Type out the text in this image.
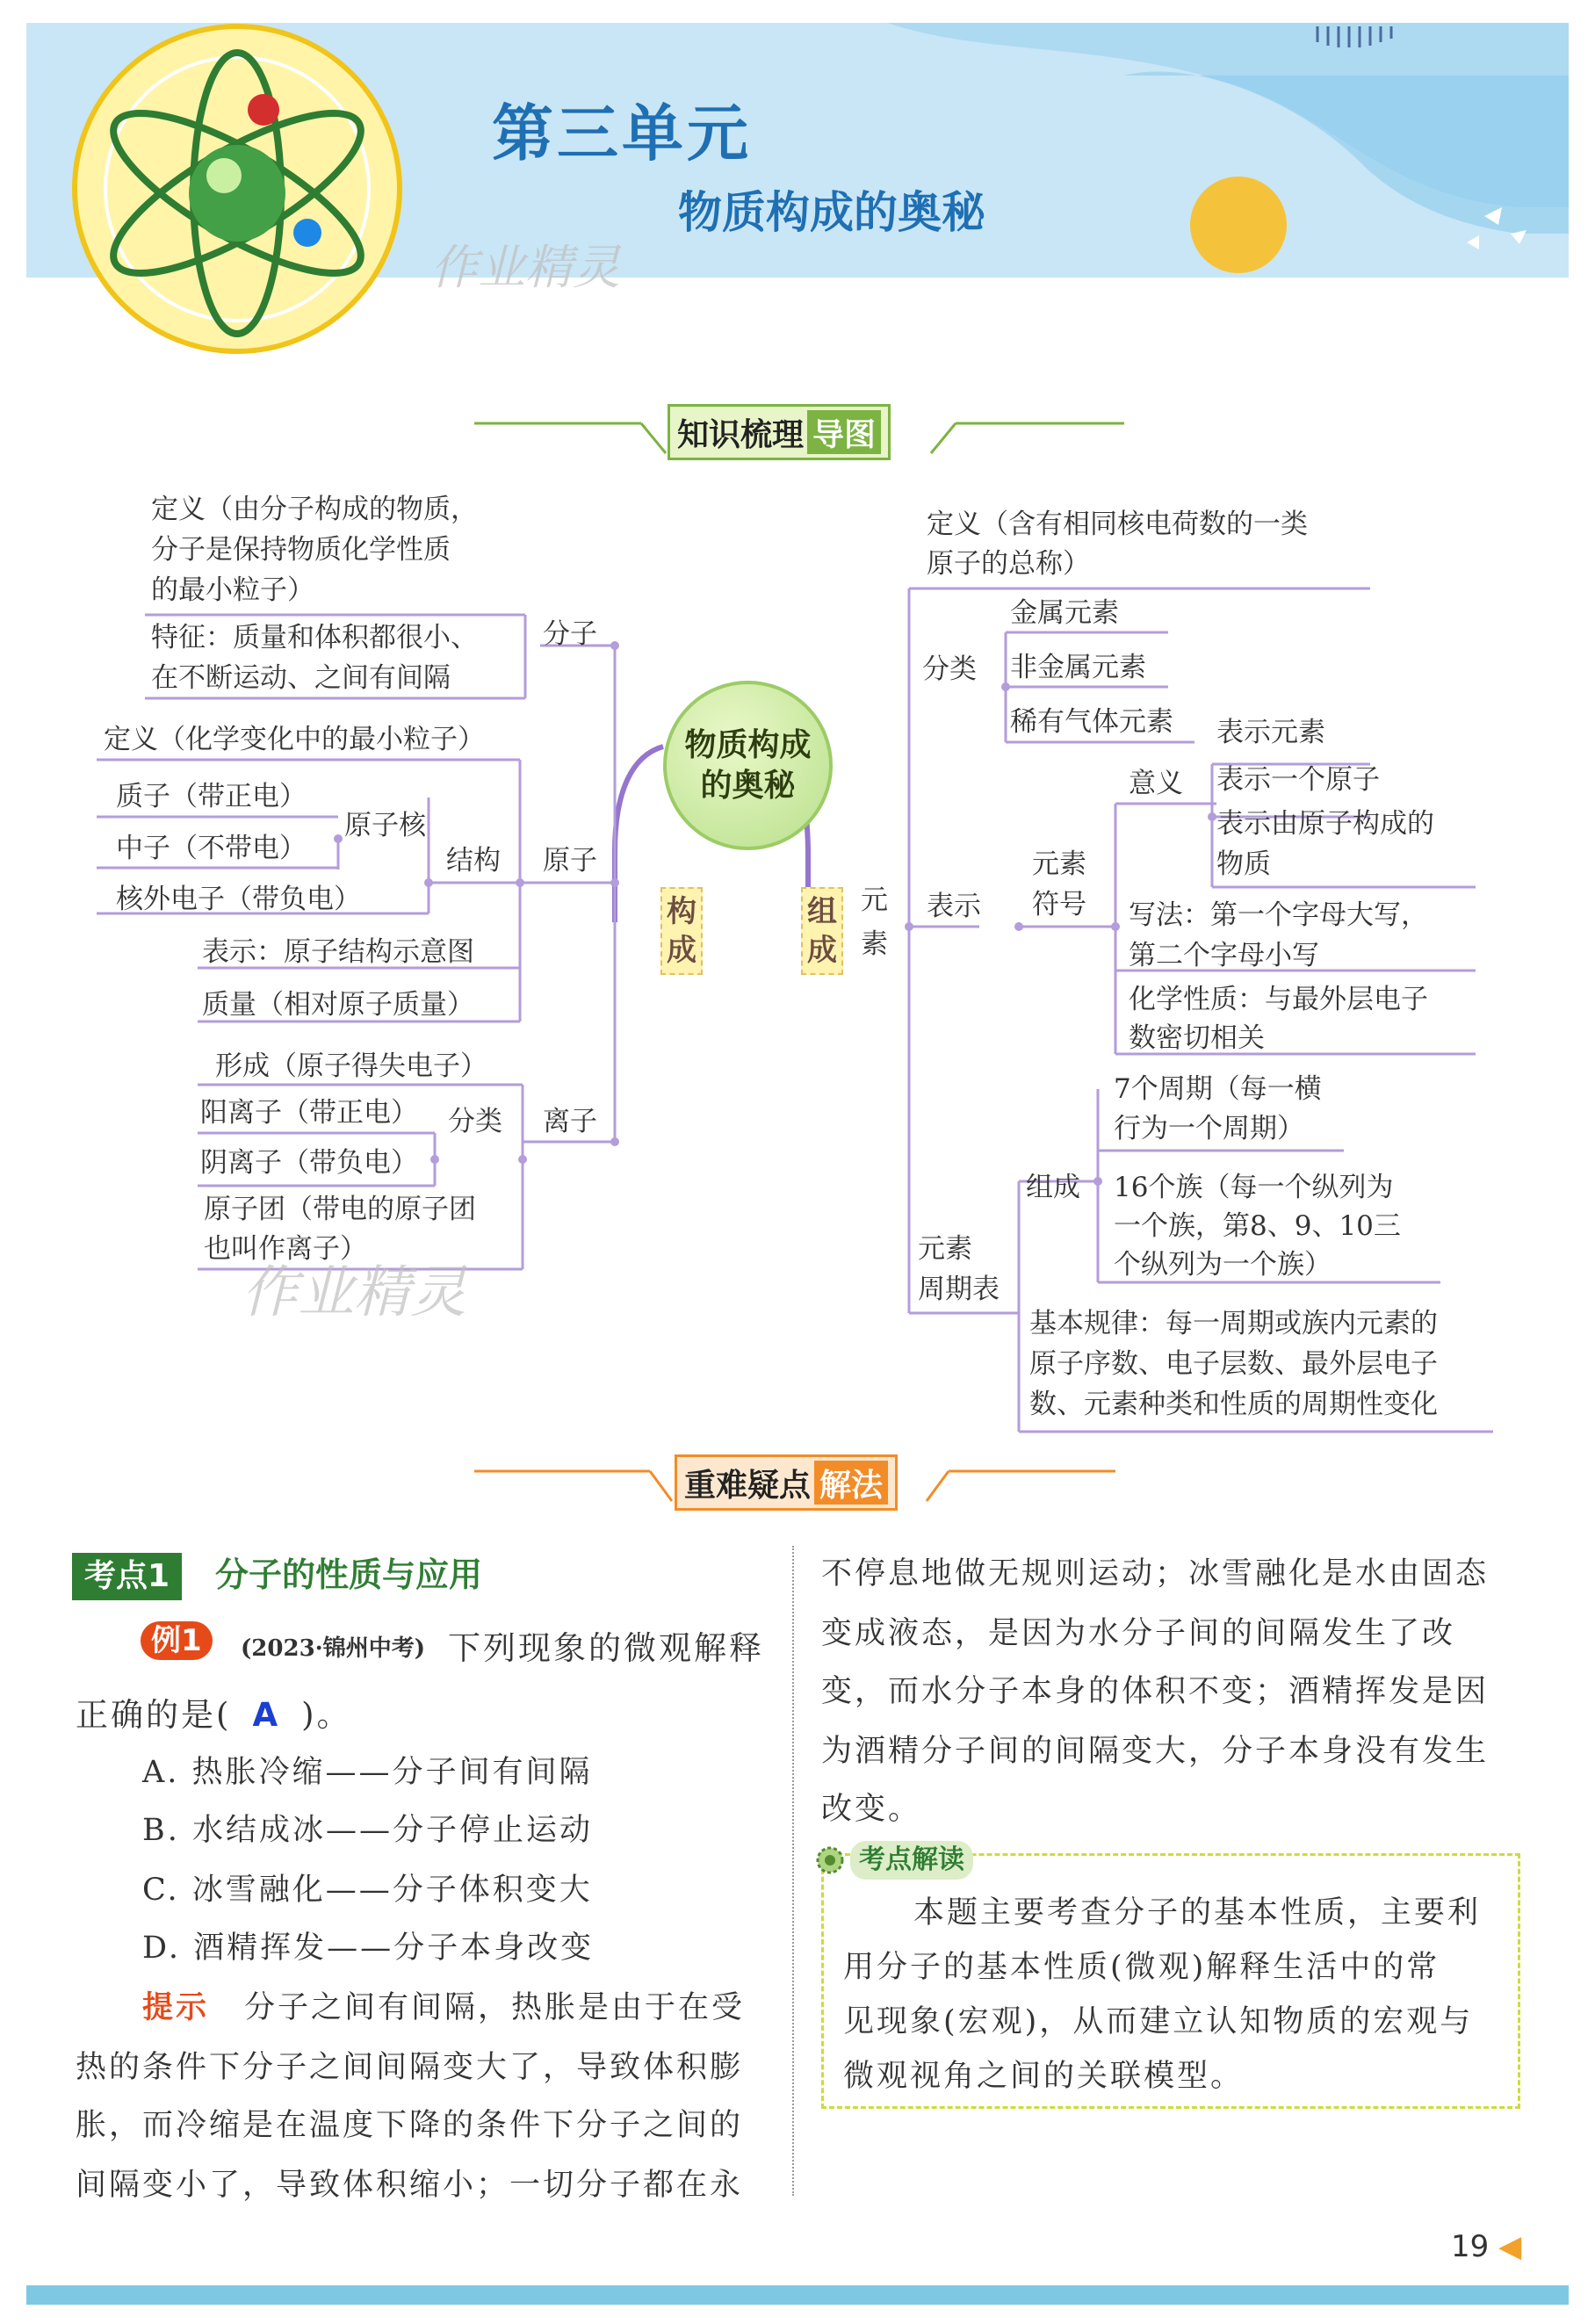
第三单元
物质构成的奥秘
作业精灵
知识梳理 导图
物质构成的奥秘
构成
组成
元素
分子
定义（由分子构成的物质，
分子是保持物质化学性质
的最小粒子）
特征：质量和体积都很小、
在不断运动、之间有间隔
原子
定义（化学变化中的最小粒子）
结构
原子核
质子（带正电）
中子（不带电）
核外电子（带负电）
表示：原子结构示意图
质量（相对原子质量）
离子
形成（原子得失电子）
分类
阳离子（带正电）
阴离子（带负电）
原子团（带电的原子团
也叫作离子）
作业精灵
定义（含有相同核电荷数的一类
原子的总称）
分类
金属元素
非金属元素
稀有气体元素
表示
元素
符号
意义
表示元素
表示一个原子
表示由原子构成的
物质
写法：第一个字母大写，
第二个字母小写
化学性质：与最外层电子
数密切相关
元素
周期表
组成
7个周期（每一横
行为一个周期）
16个族（每一个纵列为
一个族，第8、9、10三
个纵列为一个族）
基本规律：每一周期或族内元素的
原子序数、电子层数、最外层电子
数、元素种类和性质的周期性变化
重难疑点 解法
考点1	分子的性质与应用
例1	(2023·锦州中考) 下列现象的微观解释
正确的是( A )。
A. 热胀冷缩——分子间有间隔
B. 水结成冰——分子停止运动
C. 冰雪融化——分子体积变大
D. 酒精挥发——分子本身改变
提示 分子之间有间隔，热胀是由于在受
热的条件下分子之间间隔变大了，导致体积膨
胀，而冷缩是在温度下降的条件下分子之间的
间隔变小了，导致体积缩小；一切分子都在永
不停息地做无规则运动；冰雪融化是水由固态
变成液态，是因为水分子间的间隔发生了改
变，而水分子本身的体积不变；酒精挥发是因
为酒精分子间的间隔变大，分子本身没有发生
改变。
考点解读
本题主要考查分子的基本性质，主要利
用分子的基本性质(微观)解释生活中的常
见现象(宏观)，从而建立认知物质的宏观与
微观视角之间的关联模型。
19 ◀
